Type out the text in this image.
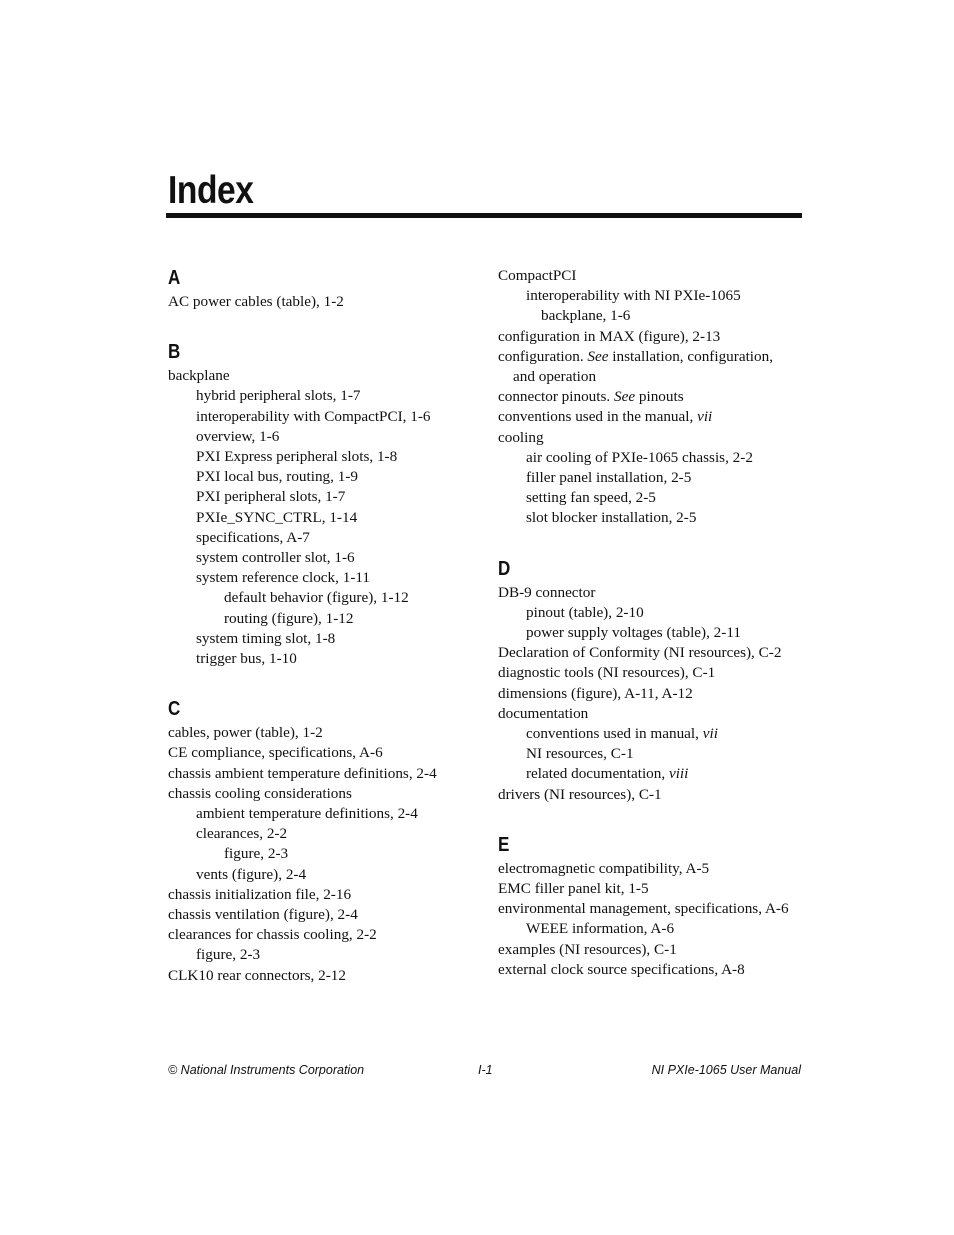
Index
A
AC power cables (table), 1-2
B
backplane
hybrid peripheral slots, 1-7
interoperability with CompactPCI, 1-6
overview, 1-6
PXI Express peripheral slots, 1-8
PXI local bus, routing, 1-9
PXI peripheral slots, 1-7
PXIe_SYNC_CTRL, 1-14
specifications, A-7
system controller slot, 1-6
system reference clock, 1-11
default behavior (figure), 1-12
routing (figure), 1-12
system timing slot, 1-8
trigger bus, 1-10
C
cables, power (table), 1-2
CE compliance, specifications, A-6
chassis ambient temperature definitions, 2-4
chassis cooling considerations
ambient temperature definitions, 2-4
clearances, 2-2
figure, 2-3
vents (figure), 2-4
chassis initialization file, 2-16
chassis ventilation (figure), 2-4
clearances for chassis cooling, 2-2
figure, 2-3
CLK10 rear connectors, 2-12
CompactPCI
interoperability with NI PXIe-1065
backplane, 1-6
configuration in MAX (figure), 2-13
configuration. See installation, configuration,
and operation
connector pinouts. See pinouts
conventions used in the manual, vii
cooling
air cooling of PXIe-1065 chassis, 2-2
filler panel installation, 2-5
setting fan speed, 2-5
slot blocker installation, 2-5
D
DB-9 connector
pinout (table), 2-10
power supply voltages (table), 2-11
Declaration of Conformity (NI resources), C-2
diagnostic tools (NI resources), C-1
dimensions (figure), A-11, A-12
documentation
conventions used in manual, vii
NI resources, C-1
related documentation, viii
drivers (NI resources), C-1
E
electromagnetic compatibility, A-5
EMC filler panel kit, 1-5
environmental management, specifications, A-6
WEEE information, A-6
examples (NI resources), C-1
external clock source specifications, A-8
© National Instruments Corporation	I-1	NI PXIe-1065 User Manual
